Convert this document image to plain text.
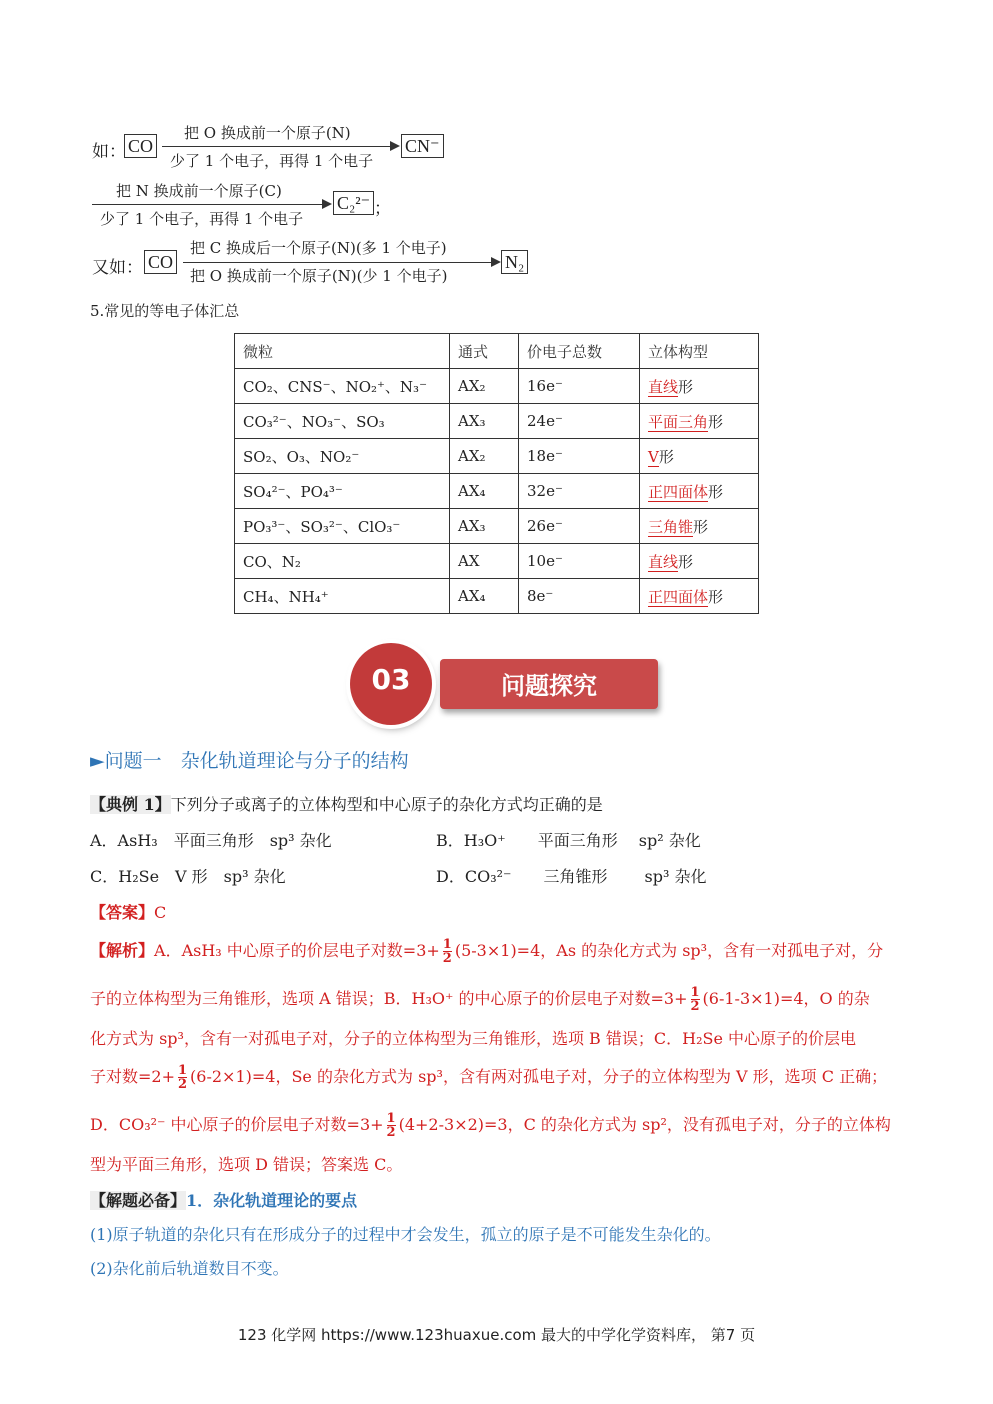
如： CO
把 O 换成前一个原子(N)
少了 1 个电子，再得 1 个电子
CN⁻
把 N 换成前一个原子(C)
少了 1 个电子，再得 1 个电子
C₂²⁻ ；
又如： CO
把 C 换成后一个原子(N)(多 1 个电子)
把 O 换成前一个原子(N)(少 1 个电子)
N₂
5.常见的等电子体汇总
微粒	通式	价电子总数	立体构型
CO₂、CNS⁻、NO₂⁺、N₃⁻	AX₂	16e⁻	直线形
CO₃²⁻、NO₃⁻、SO₃	AX₃	24e⁻	平面三角形
SO₂、O₃、NO₂⁻	AX₂	18e⁻	V形
SO₄²⁻、PO₄³⁻	AX₄	32e⁻	正四面体形
PO₃³⁻、SO₃²⁻、ClO₃⁻	AX₃	26e⁻	三角锥形
CO、N₂	AX	10e⁻	直线形
CH₄、NH₄⁺	AX₄	8e⁻	正四面体形
03	问题探究
►问题一　杂化轨道理论与分子的结构
【典例 1】下列分子或离子的立体构型和中心原子的杂化方式均正确的是
A．AsH₃　平面三角形　sp³ 杂化	B．H₃O⁺　　平面三角形　 sp² 杂化
C．H₂Se　V 形　sp³ 杂化	D．CO₃²⁻　　三角锥形　　 sp³ 杂化
【答案】C
【解析】A．AsH₃ 中心原子的价层电子对数$=3+ \frac{1}{2} (5-3\times 1)=4$，As 的杂化方式为 sp³，含有一对孤电子对，分
子的立体构型为三角锥形，选项 A 错误；B．H₃O⁺ 的中心原子的价层电子对数$=3+ \frac{1}{2} (6-1-3\times 1)=4$，O 的杂
化方式为 sp³，含有一对孤电子对，分子的立体构型为三角锥形，选项 B 错误；C．H₂Se 中心原子的价层电
子对数$=2+ \frac{1}{2} (6-2\times 1)=4$，Se 的杂化方式为 sp³，含有两对孤电子对，分子的立体构型为 V 形，选项 C 正确；
D．CO₃²⁻ 中心原子的价层电子对数$=3+ \frac{1}{2} (4+2-3\times 2)=3$，C 的杂化方式为 sp²，没有孤电子对，分子的立体构
型为平面三角形，选项 D 错误；答案选 C。
【解题必备】1．杂化轨道理论的要点
(1)原子轨道的杂化只有在形成分子的过程中才会发生，孤立的原子是不可能发生杂化的。
(2)杂化前后轨道数目不变。
123 化学网 https://www.123huaxue.com 最大的中学化学资料库， 第7 页
